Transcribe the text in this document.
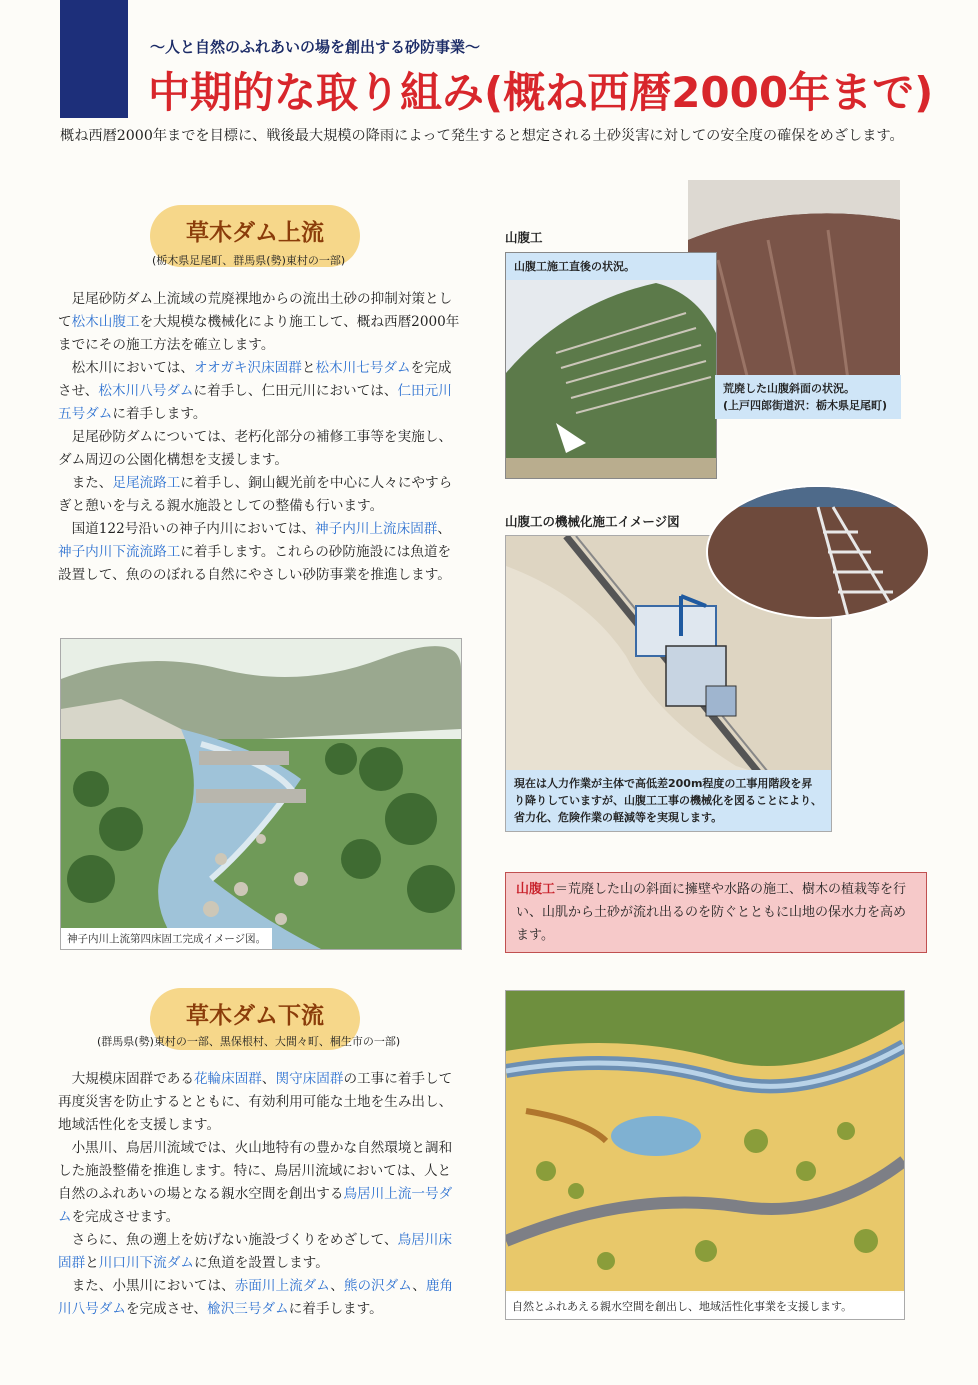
〜人と自然のふれあいの場を創出する砂防事業〜
中期的な取り組み(概ね西暦2000年まで)
概ね西暦2000年までを目標に、戦後最大規模の降雨によって発生すると想定される土砂災害に対しての安全度の確保をめざします。
草木ダム上流
(栃木県足尾町、群馬県(勢)東村の一部)

足尾砂防ダム上流域の荒廃裸地からの流出土砂の抑制対策として松木山腹工を大規模な機械化により施工して、概ね西暦2000年までにその施工方法を確立します。

松木川においては、オオガキ沢床固群と松木川七号ダムを完成させ、松木川八号ダムに着手し、仁田元川においては、仁田元川五号ダムに着手します。

足尾砂防ダムについては、老朽化部分の補修工事等を実施し、ダム周辺の公園化構想を支援します。

また、足尾流路工に着手し、銅山観光前を中心に人々にやすらぎと憩いを与える親水施設としての整備も行います。

国道122号沿いの神子内川においては、神子内川上流床固群、神子内川下流流路工に着手します。これらの砂防施設には魚道を設置して、魚ののぼれる自然にやさしい砂防事業を推進します。

神子内川上流第四床固工完成イメージ図。
山腹工
山腹工施工直後の状況。
荒廃した山腹斜面の状況。
(上戸四郎街道沢：栃木県足尾町)
山腹工の機械化施工イメージ図
現在は人力作業が主体で高低差200m程度の工事用階段を昇り降りしていますが、山腹工工事の機械化を図ることにより、省力化、危険作業の軽減等を実現します。
山腹工＝荒廃した山の斜面に擁壁や水路の施工、樹木の植栽等を行い、山肌から土砂が流れ出るのを防ぐとともに山地の保水力を高めます。
草木ダム下流
(群馬県(勢)東村の一部、黒保根村、大間々町、桐生市の一部)

大規模床固群である花輪床固群、関守床固群の工事に着手して再度災害を防止するとともに、有効利用可能な土地を生み出し、地域活性化を支援します。

小黒川、鳥居川流域では、火山地特有の豊かな自然環境と調和した施設整備を推進します。特に、鳥居川流域においては、人と自然のふれあいの場となる親水空間を創出する鳥居川上流一号ダムを完成させます。

さらに、魚の遡上を妨げない施設づくりをめざして、鳥居川床固群と川口川下流ダムに魚道を設置します。

また、小黒川においては、赤面川上流ダム、熊の沢ダム、鹿角川八号ダムを完成させ、楡沢三号ダムに着手します。	自然とふれあえる親水空間を創出し、地域活性化事業を支援します。
